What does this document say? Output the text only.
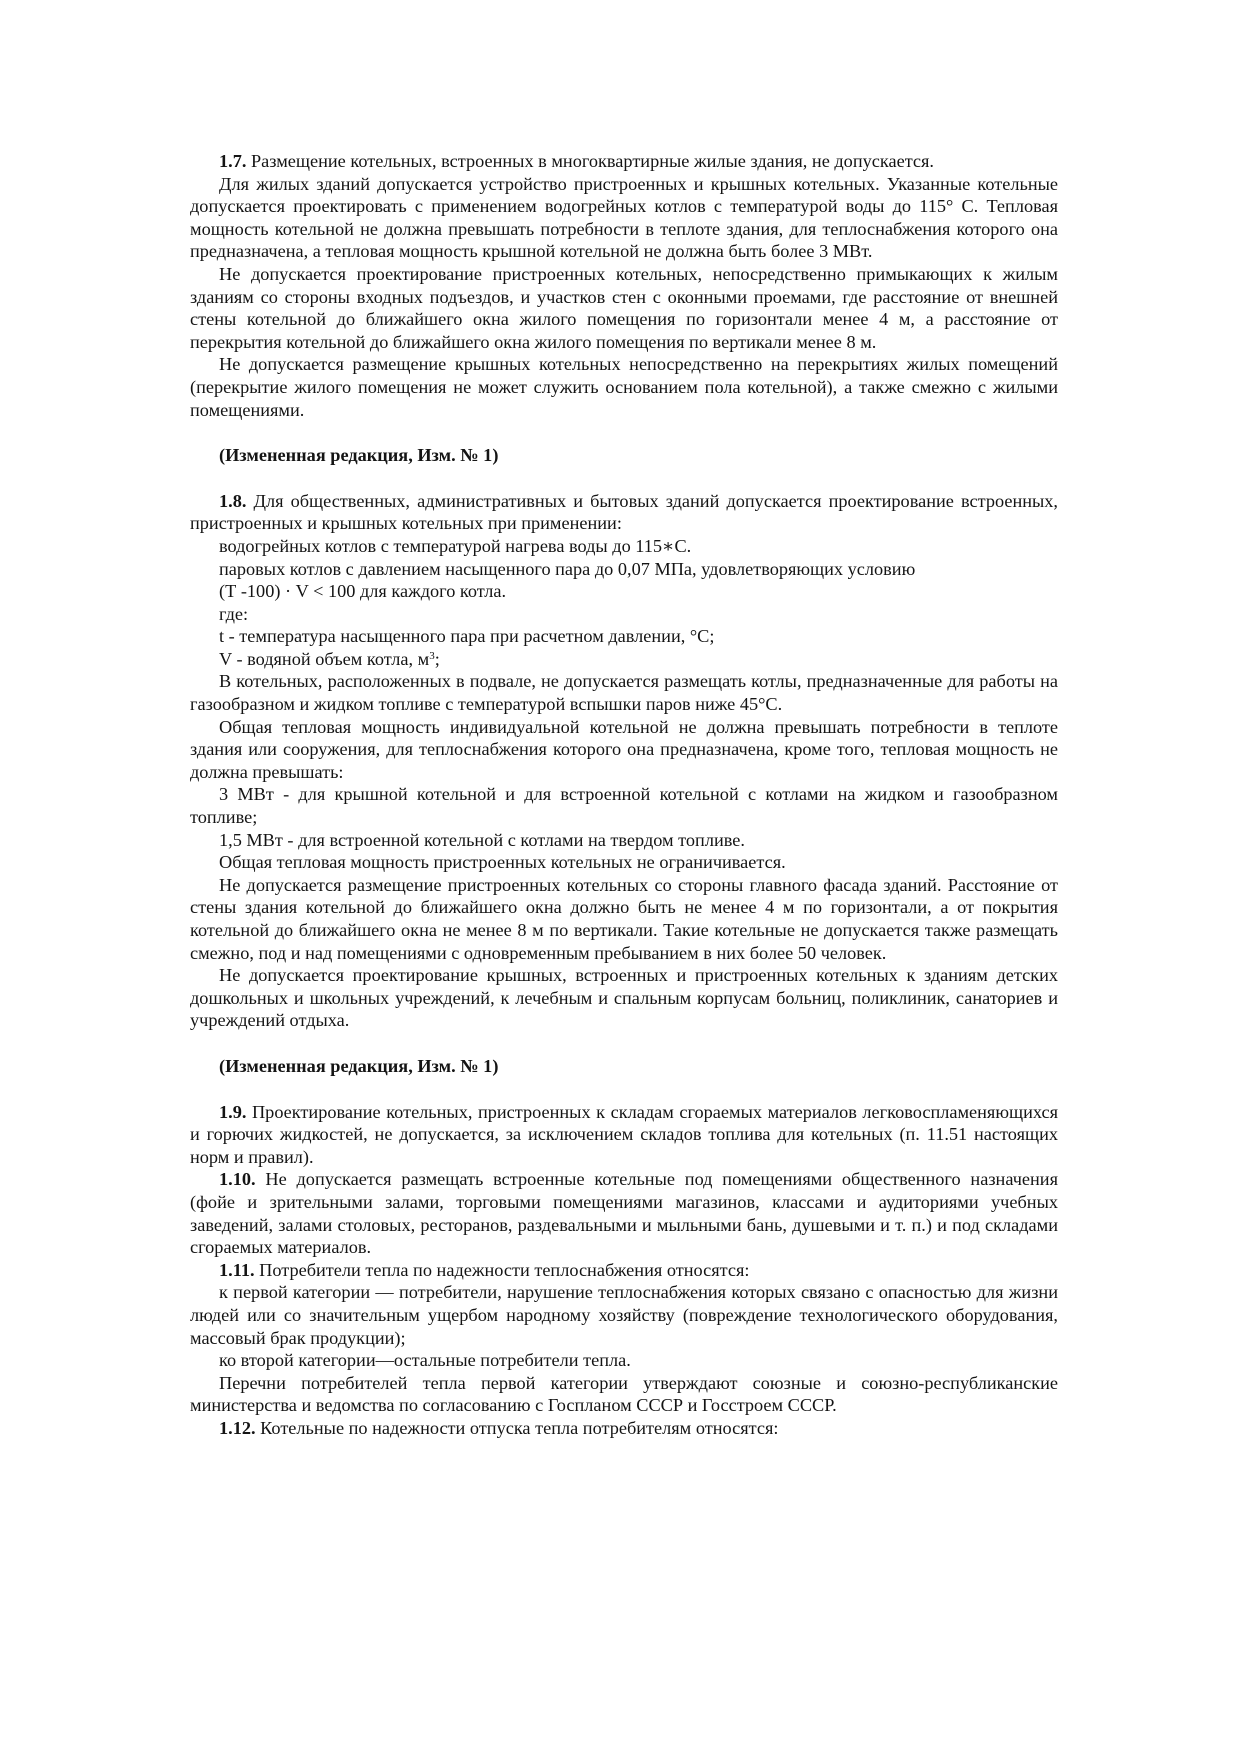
1.7. Размещение котельных, встроенных в многоквартирные жилые здания, не допускается.

Для жилых зданий допускается устройство пристроенных и крышных котельных. Указанные котельные допускается проектировать с применением водогрейных котлов с температурой воды до 115° С. Тепловая мощность котельной не должна превышать потребности в теплоте здания, для теплоснабжения которого она предназначена, а тепловая мощность крышной котельной не должна быть более 3 МВт.

Не допускается проектирование пристроенных котельных, непосредственно примыкающих к жилым зданиям со стороны входных подъездов, и участков стен с оконными проемами, где расстояние от внешней стены котельной до ближайшего окна жилого помещения по горизонтали менее 4 м, а расстояние от перекрытия котельной до ближайшего окна жилого помещения по вертикали менее 8 м.

Не допускается размещение крышных котельных непосредственно на перекрытиях жилых помещений (перекрытие жилого помещения не может служить основанием пола котельной), а также смежно с жилыми помещениями.

(Измененная редакция, Изм. № 1)

1.8. Для общественных, административных и бытовых зданий допускается проектирование встроенных, пристроенных и крышных котельных при применении:

водогрейных котлов с температурой нагрева воды до 115∗С.

паровых котлов с давлением насыщенного пара до 0,07 МПа, удовлетворяющих условию

(Т -100) · V < 100 для каждого котла.

где:

t - температура насыщенного пара при расчетном давлении, °С;

V - водяной объем котла, $м^3$;

В котельных, расположенных в подвале, не допускается размещать котлы, предназначенные для работы на газообразном и жидком топливе с температурой вспышки паров ниже 45°С.

Общая тепловая мощность индивидуальной котельной не должна превышать потребности в теплоте здания или сооружения, для теплоснабжения которого она предназначена, кроме того, тепловая мощность не должна превышать:

3 МВт - для крышной котельной и для встроенной котельной с котлами на жидком и газообразном топливе;

1,5 МВт - для встроенной котельной с котлами на твердом топливе.

Общая тепловая мощность пристроенных котельных не ограничивается.

Не допускается размещение пристроенных котельных со стороны главного фасада зданий. Расстояние от стены здания котельной до ближайшего окна должно быть не менее 4 м по горизонтали, а от покрытия котельной до ближайшего окна не менее 8 м по вертикали. Такие котельные не допускается также размещать смежно, под и над помещениями с одновременным пребыванием в них более 50 человек.

Не допускается проектирование крышных, встроенных и пристроенных котельных к зданиям детских дошкольных и школьных учреждений, к лечебным и спальным корпусам больниц, поликлиник, санаториев и учреждений отдыха.

(Измененная редакция, Изм. № 1)

1.9. Проектирование котельных, пристроенных к складам сгораемых материалов легковоспламеняющихся и горючих жидкостей, не допускается, за исключением складов топлива для котельных (п. 11.51 настоящих норм и правил).

1.10. Не допускается размещать встроенные котельные под помещениями общественного назначения (фойе и зрительными залами, торговыми помещениями магазинов, классами и аудиториями учебных заведений, залами столовых, ресторанов, раздевальными и мыльными бань, душевыми и т. п.) и под складами сгораемых материалов.

1.11. Потребители тепла по надежности теплоснабжения относятся:

к первой категории — потребители, нарушение теплоснабжения которых связано с опасностью для жизни людей или со значительным ущербом народному хозяйству (повреждение технологического оборудования, массовый брак продукции);

ко второй категории—остальные потребители тепла.

Перечни потребителей тепла первой категории утверждают союзные и союзно-республиканские министерства и ведомства по согласованию с Госпланом СССР и Госстроем СССР.

1.12. Котельные по надежности отпуска тепла потребителям относятся:
